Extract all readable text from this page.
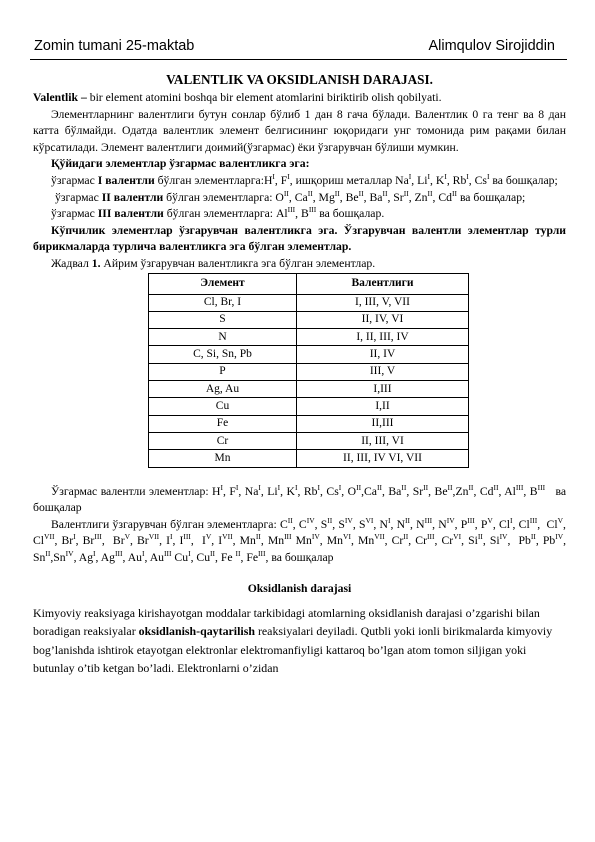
Zomin tumani 25-maktab	Alimqulov Sirojiddin
VALENTLIK VA OKSIDLANISH DARAJASI.

Valentlik – bir element atomini boshqa bir element atomlarini biriktirib olish qobilyati.

Элементларнинг валентлиги бутун сонлар бўлиб 1 дан 8 гача бўлади. Валентлик 0 га тенг ва 8 дан катта бўлмайди. Одатда валентлик элемент белгисининг юқоридаги унг томонида рим рақами билан кўрсатилади. Элемент валентлиги доимий(ўзгармас) ёки ўзгарувчан бўлиши мумкин.

Қўйидаги элементлар ўзгармас валентликга эга:

ўзгармас I валентли бўлган $элементларга:H^I$, $F^I$, ишқориш металлар $Na^I$, $Li^I$, $K^I$, $Rb^I$, $Cs^I$ ва бошқалар;

ўзгармас II валентли бўлган элементларга: $O^{II}$, $Ca^{II}$, $Mg^{II}$, $Be^{II}$, $Ba^{II}$, $Sr^{II}$, $Zn^{II}$, $Cd^{II}$ ва бошқалар;

ўзгармас III валентли бўлган элементларга: $Al^{III}$, $B^{III}$ ва бошқалар.

Кўпчилик элементлар ўзгарувчан валентликга эга. Ўзгарувчан валентли элементлар турли бирикмаларда турлича валентликга эга бўлган элементлар.

Жадвал 1. Айрим ўзгарувчан валентликга эга бўлган элементлар.

Элемент	Валентлиги
Cl, Br, I	I, III, V, VII
S	II, IV, VI
N	I, II, III, IV
C, Si, Sn, Pb	II, IV
P	III, V
Ag, Au	I,III
Cu	I,II
Fe	II,III
Cr	II, III, VI
Mn	II, III, IV VI, VII

Ўзгармас валентли элементлар: $H^I$, $F^I$, $Na^I$, $Li^I$, $K^I$, $Rb^I$, $Cs^I$, $O^{II},Ca^{II}$, $Ba^{II}$, $Sr^{II}$, $Be^{II},Zn^{II}$, $Cd^{II}$, $Al^{III}$, $B^{III}$ ва бошқалар

Валентлиги ўзгарувчан бўлган элементларга: $C^{II}$, $C^{IV}$, $S^{II}$, $S^{IV}$, $S^{VI}$, $N^I$, $N^{II}$, $N^{III}$, $N^{IV}$, $P^{III}$, $P^V$, $Cl^I$, $Cl^{III}$,  $Cl^V$, $Cl^{VII}$, $Br^I$, $Br^{III}$,  $Br^V$, $Br^{VII}$, $I^I$, $I^{III}$,  $I^V$, $I^{VII}$, $Mn^{II}$, $Mn^{III}$ $Mn^{IV}$, $Mn^{VI}$, $Mn^{VII}$, $Cr^{II}$, $Cr^{III}$, $Cr^{VI}$, $Si^{II}$, $Si^{IV}$,  $Pb^{II}$, $Pb^{IV}$, $Sn^{II},Sn^{IV}$, $Ag^I$, $Ag^{III}$, $Au^I$, $Au^{III}$ $Cu^I$, $Cu^{II}$, Fe $^{II}$, $Fe^{III}$, ва бошқалар

Oksidlanish darajasi

Kimyoviy reaksiyaga kirishayotgan moddalar tarkibidagi atomlarning oksidlanish darajasi o’zgarishi bilan boradigan reaksiyalar oksidlanish-qaytarilish reaksiyalari deyiladi. Qutbli yoki ionli birikmalarda kimyoviy bog’lanishda ishtirok etayotgan elektronlar elektromanfiyligi kattaroq bo’lgan atom tomon siljigan yoki butunlay o’tib ketgan bo’ladi. Elektronlarni o’zidan
